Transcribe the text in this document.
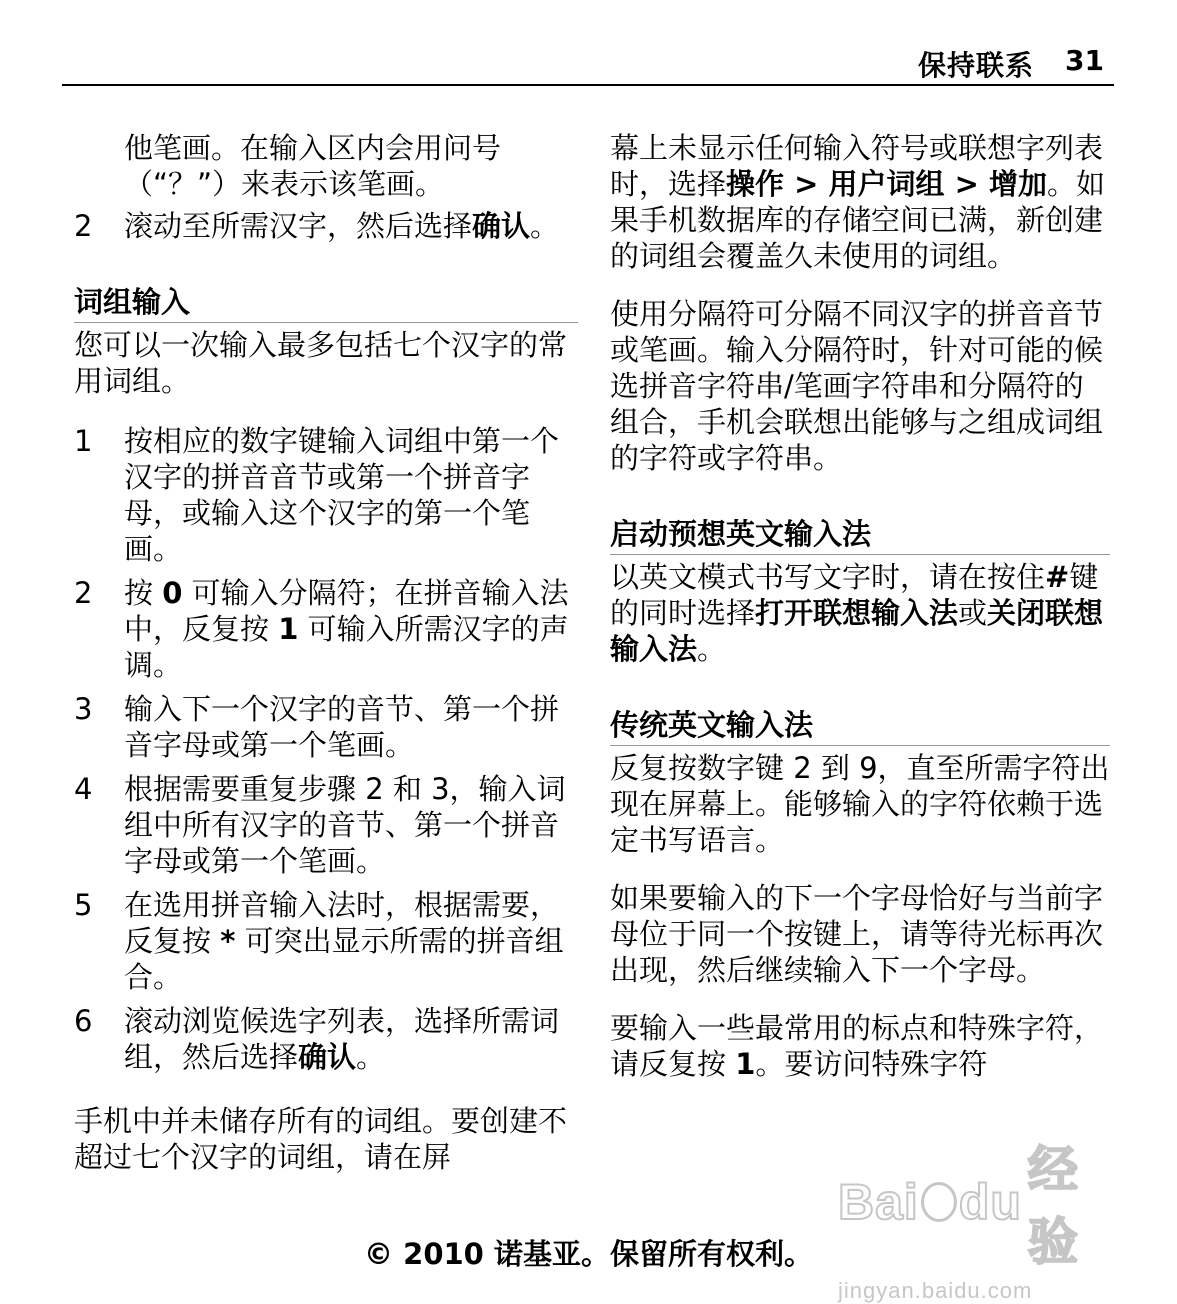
保持联系 31
他笔画。在输入区内会用问号（“？”）来表示该笔画。
2	滚动至所需汉字，然后选择确认。
词组输入

您可以一次输入最多包括七个汉字的常用词组。

1	按相应的数字键输入词组中第一个汉字的拼音音节或第一个拼音字母，或输入这个汉字的第一个笔画。
2	按 0 可输入分隔符；在拼音输入法中，反复按 1 可输入所需汉字的声调。
3	输入下一个汉字的音节、第一个拼音字母或第一个笔画。
4	根据需要重复步骤 2 和 3，输入词组中所有汉字的音节、第一个拼音字母或第一个笔画。
5	在选用拼音输入法时，根据需要，反复按 * 可突出显示所需的拼音组合。
6	滚动浏览候选字列表，选择所需词组，然后选择确认。

手机中并未储存所有的词组。要创建不超过七个汉字的词组，请在屏

幕上未显示任何输入符号或联想字列表时，选择操作 > 用户词组 > 增加。如果手机数据库的存储空间已满，新创建的词组会覆盖久未使用的词组。

使用分隔符可分隔不同汉字的拼音音节或笔画。输入分隔符时，针对可能的候选拼音字符串/笔画字符串和分隔符的组合，手机会联想出能够与之组成词组的字符或字符串。

启动预想英文输入法

以英文模式书写文字时，请在按住#键的同时选择打开联想输入法或关闭联想输入法。

传统英文输入法

反复按数字键 2 到 9，直至所需字符出现在屏幕上。能够输入的字符依赖于选定书写语言。

如果要输入的下一个字母恰好与当前字母位于同一个按键上，请等待光标再次出现，然后继续输入下一个字母。

要输入一些最常用的标点和特殊字符，请反复按 1。要访问特殊字符

Bai du
经验
jingyan.baidu.com
© 2010 诺基亚。保留所有权利。
